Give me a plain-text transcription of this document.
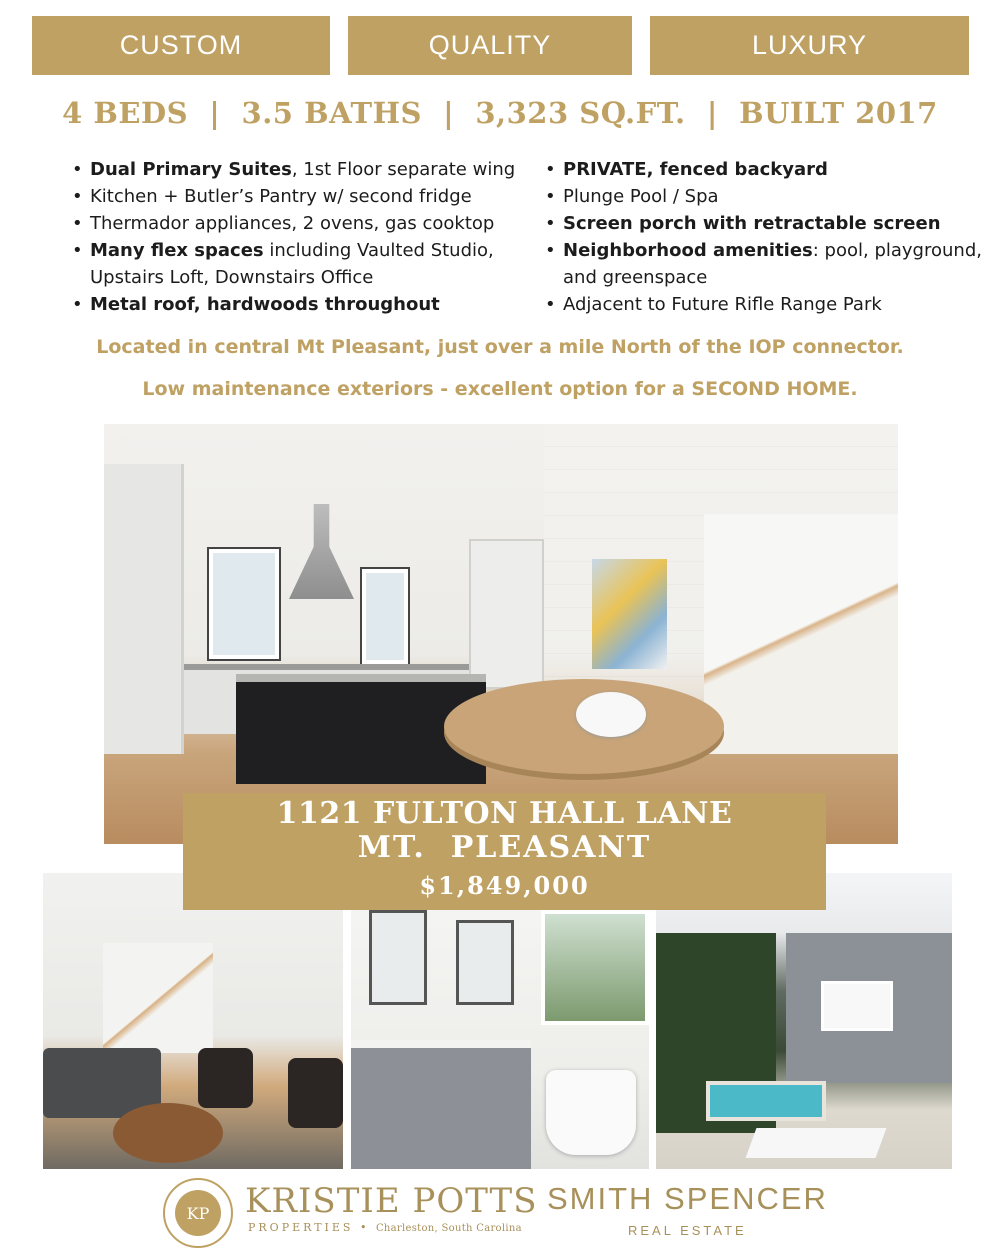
CUSTOM	QUALITY	LUXURY
4 BEDS  |  3.5 BATHS  |  3,323 SQ.FT.  |  BUILT 2017
• Dual Primary Suites, 1st Floor separate wing
• Kitchen + Butler’s Pantry w/ second fridge
• Thermador appliances, 2 ovens, gas cooktop
• Many flex spaces including Vaulted Studio, Upstairs Loft, Downstairs Office
• Metal roof, hardwoods throughout
• PRIVATE, fenced backyard
• Plunge Pool / Spa
• Screen porch with retractable screen
• Neighborhood amenities: pool, playground, and greenspace
• Adjacent to Future Rifle Range Park
Located in central Mt Pleasant, just over a mile North of the IOP connector.
Low maintenance exteriors - excellent option for a SECOND HOME.
1121 FULTON HALL LANE
MT.  PLEASANT
$1,849,000
KP	KRISTIE POTTS
PROPERTIES • Charleston, South Carolina
SMITH SPENCER
REAL ESTATE
